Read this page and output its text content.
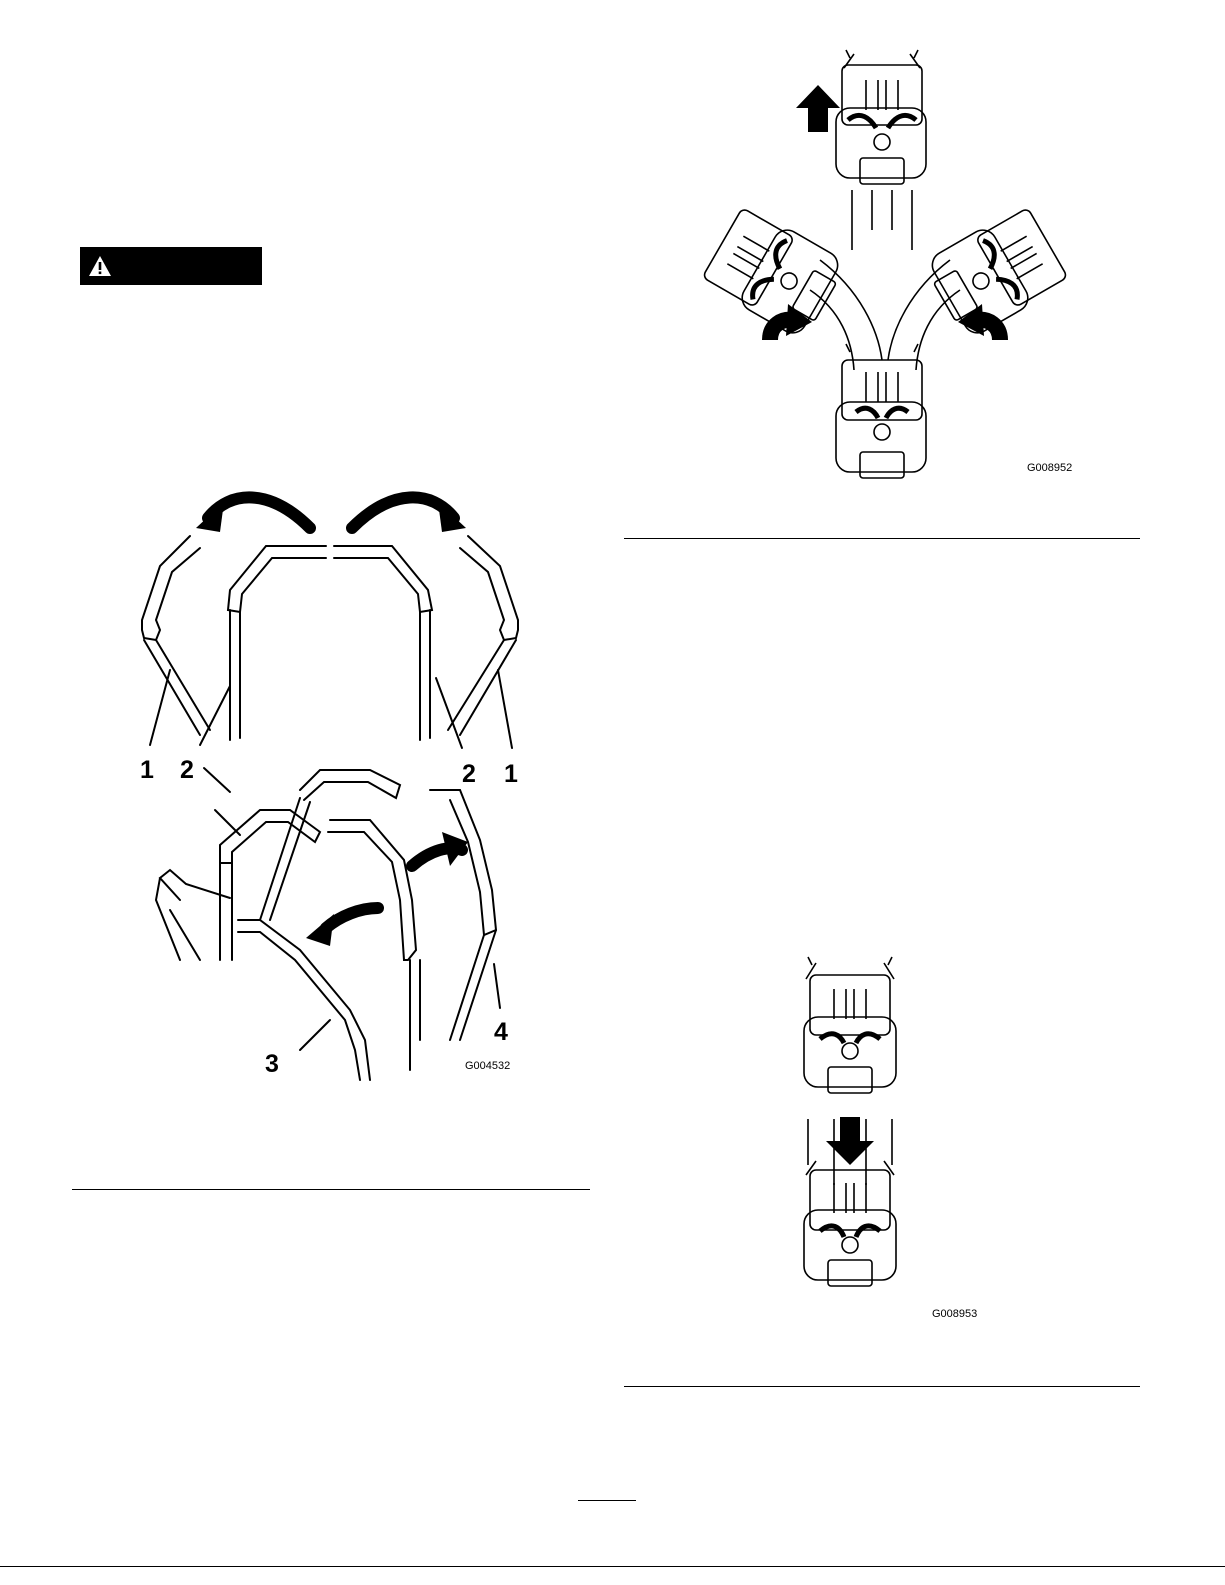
1 2	2 1
3
4
G004532
G008952
G008953
